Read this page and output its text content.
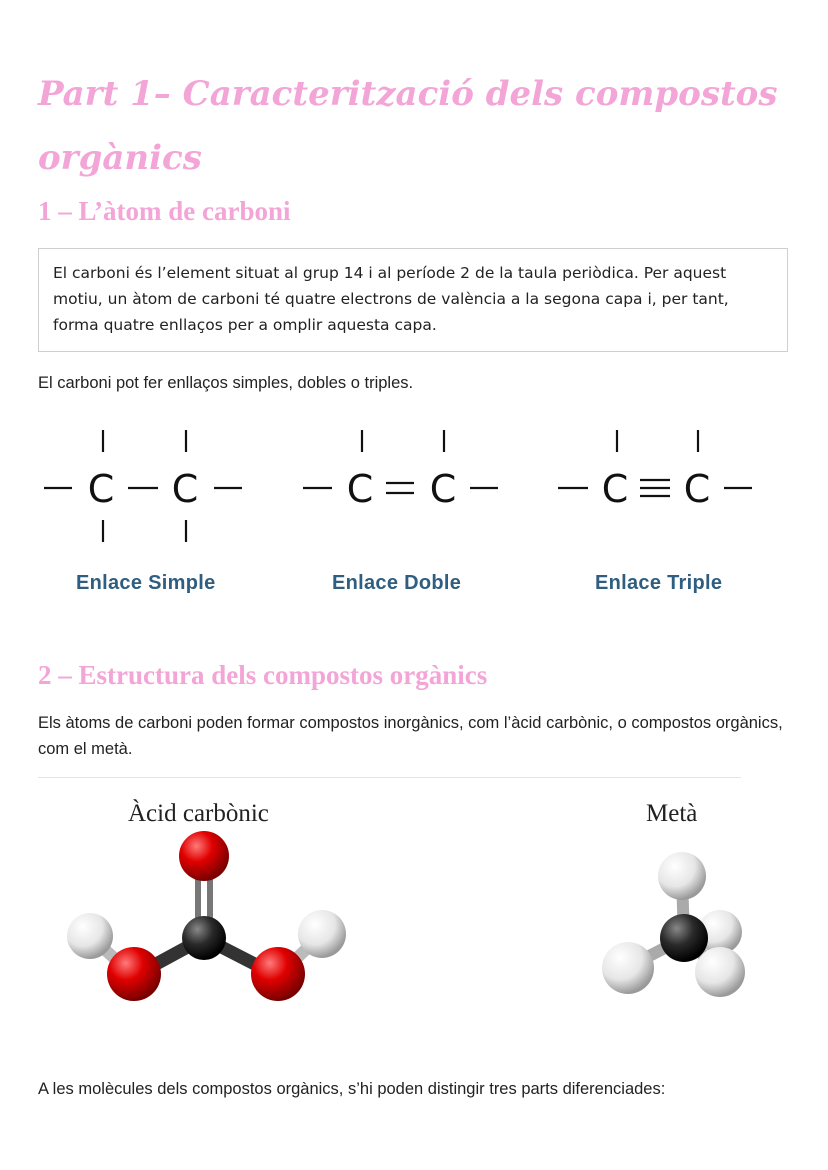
Part 1– Caracterització dels compostos orgànics
1 – L’àtom de carboni
El carboni és l’element situat al grup 14 i al període 2 de la taula periòdica. Per aquest motiu, un àtom de carboni té quatre electrons de valència a la segona capa i, per tant, forma quatre enllaços per a omplir aquesta capa.

El carboni pot fer enllaços simples, dobles o triples.

C C	C C	C C
Enlace Simple	Enlace Doble	Enlace Triple
2 – Estructura dels compostos orgànics

Els àtoms de carboni poden formar compostos inorgànics, com l’àcid carbònic, o compostos orgànics, com el metà.

Àcid carbònic	Metà

A les molècules dels compostos orgànics, s’hi poden distingir tres parts diferenciades:
